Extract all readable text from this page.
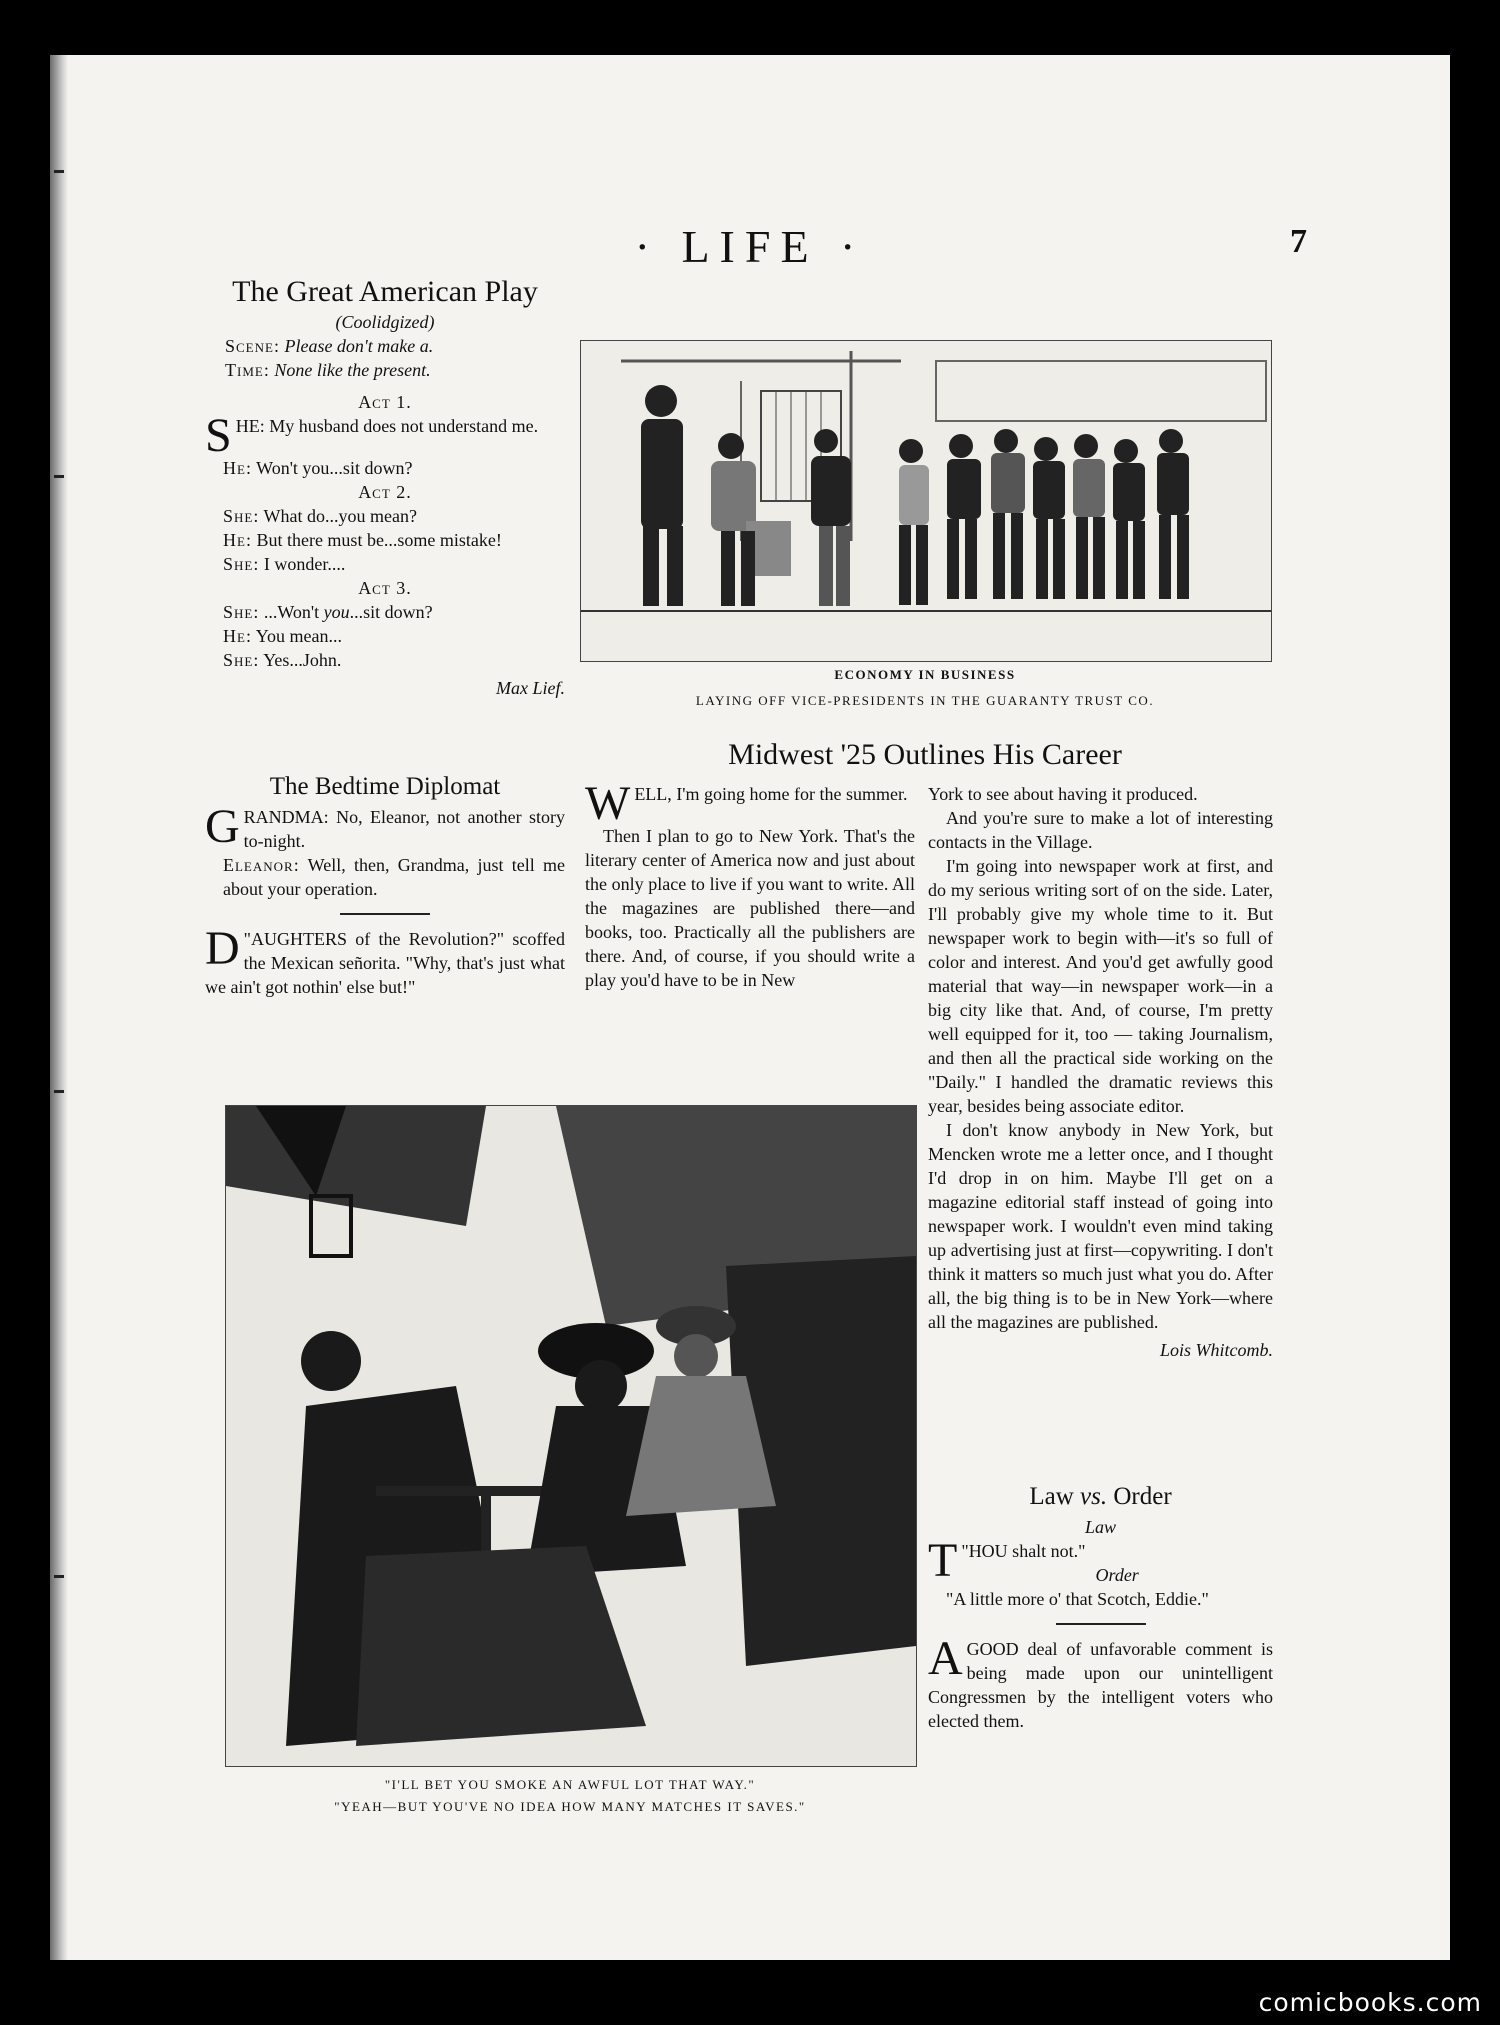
· LIFE ·	7
The Great American Play
(Coolidgized)
Scene: Please don't make a.
Time: None like the present.
Act 1.
SHE: My husband does not understand me.
He: Won't you...sit down?
Act 2.
She: What do...you mean?
He: But there must be...some mistake!
She: I wonder....
Act 3.
She: ...Won't you...sit down?
He: You mean...
She: Yes...John.
Max Lief.
The Bedtime Diplomat
GRANDMA: No, Eleanor, not another story to-night.
Eleanor: Well, then, Grandma, just tell me about your operation.
"
D AUGHTERS of the Revolution?" scoffed the Mexican señorita. "Why, that's just what we ain't got nothin' else but!"
ECONOMY IN BUSINESS
LAYING OFF VICE-PRESIDENTS IN THE GUARANTY TRUST CO.
Midwest '25 Outlines His Career

WELL, I'm going home for the summer.

Then I plan to go to New York. That's the literary center of America now and just about the only place to live if you want to write. All the magazines are published there—and books, too. Practically all the publishers are there. And, of course, if you should write a play you'd have to be in New

York to see about having it produced.

And you're sure to make a lot of interesting contacts in the Village.

I'm going into newspaper work at first, and do my serious writing sort of on the side. Later, I'll probably give my whole time to it. But newspaper work to begin with—it's so full of color and interest. And you'd get awfully good material that way—in newspaper work—in a big city like that. And, of course, I'm pretty well equipped for it, too — taking Journalism, and then all the practical side working on the "Daily." I handled the dramatic reviews this year, besides being associate editor.

I don't know anybody in New York, but Mencken wrote me a letter once, and I thought I'd drop in on him. Maybe I'll get on a magazine editorial staff instead of going into newspaper work. I wouldn't even mind taking up advertising just at first—copywriting. I don't think it matters so much just what you do. After all, the big thing is to be in New York—where all the magazines are published.

Lois Whitcomb.
Law vs. Order
Law
"
T HOU shalt not."
Order
"A little more o' that Scotch, Eddie."
AGOOD deal of unfavorable comment is being made upon our unintelligent Congressmen by the intelligent voters who elected them.
"I'LL BET YOU SMOKE AN AWFUL LOT THAT WAY."
"YEAH—BUT YOU'VE NO IDEA HOW MANY MATCHES IT SAVES."
comicbooks.com
